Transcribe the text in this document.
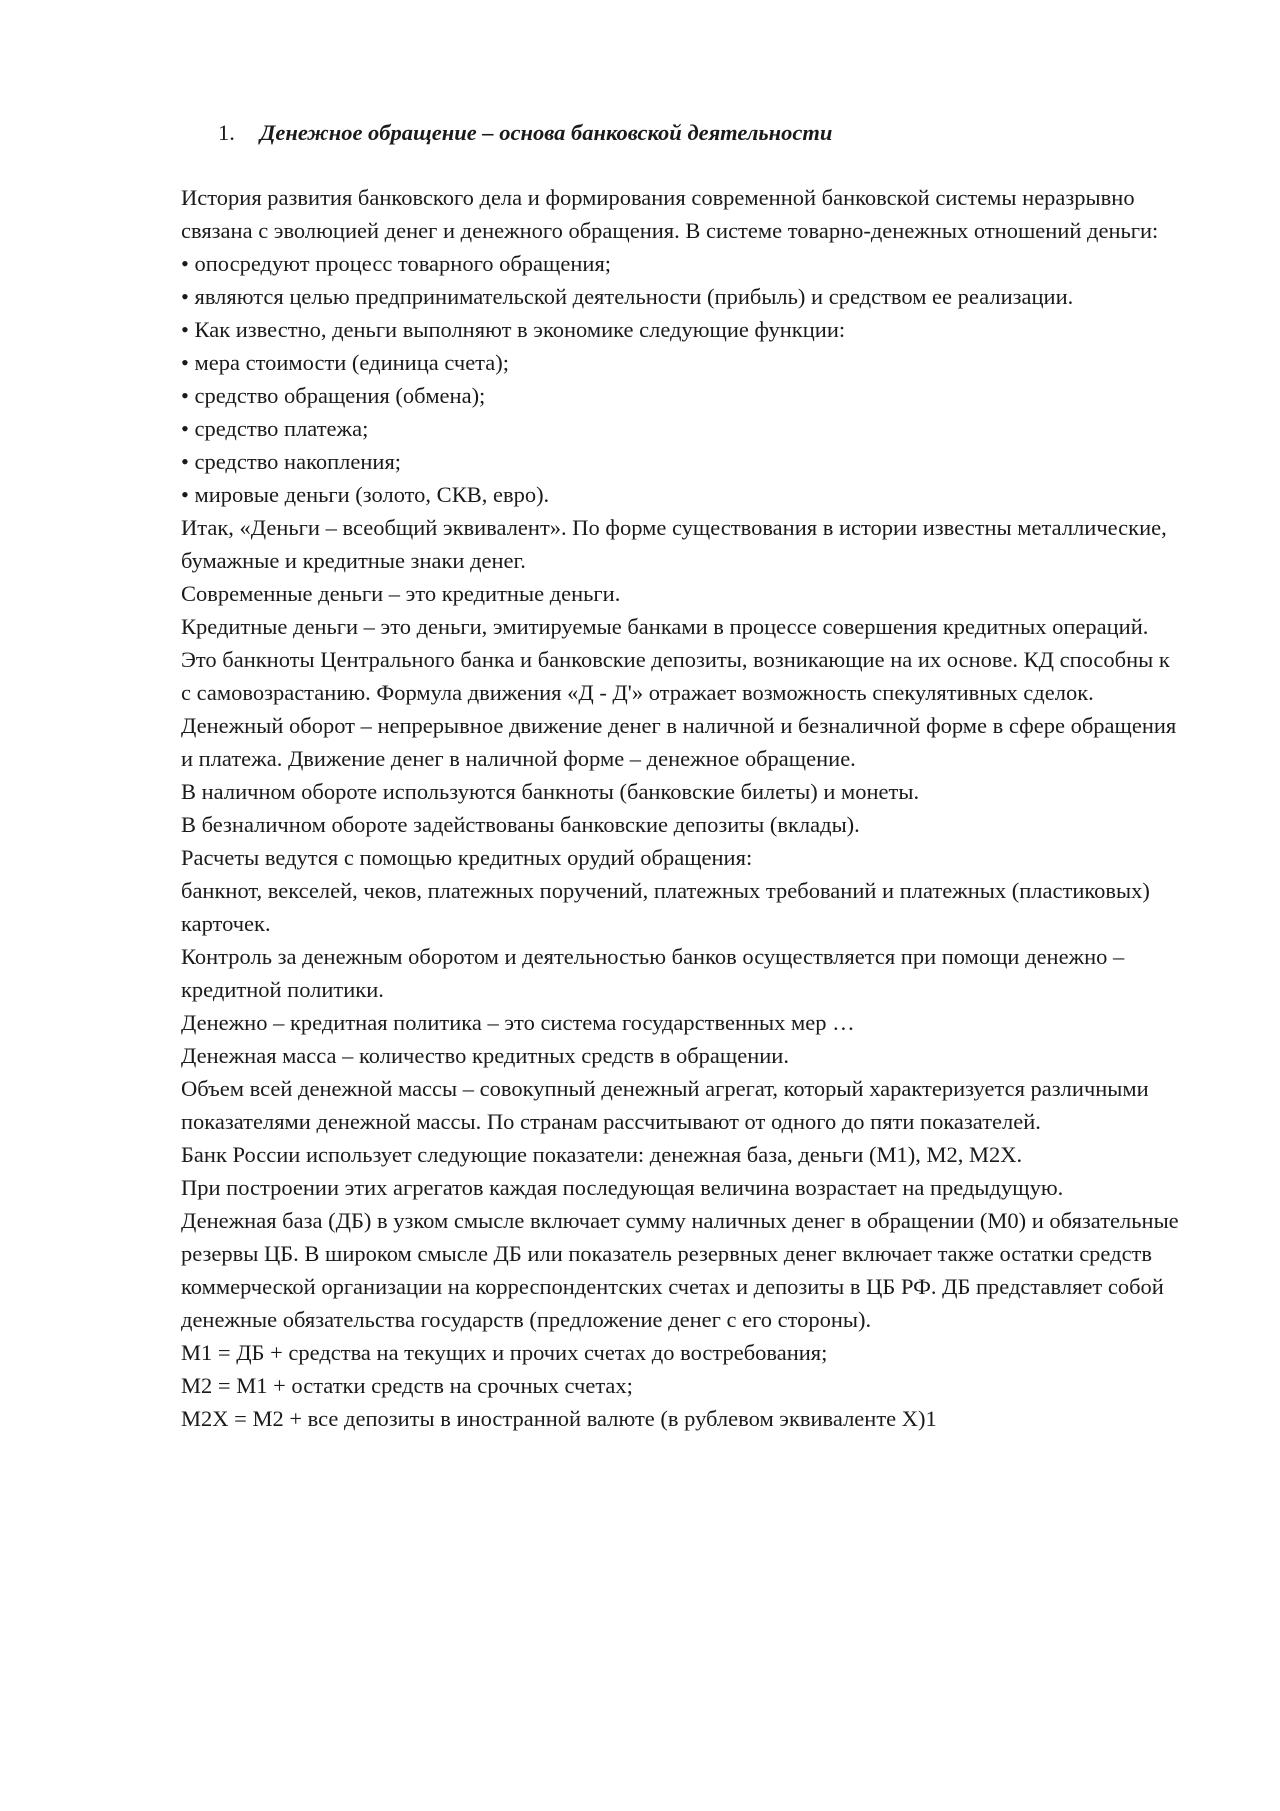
1. Денежное обращение – основа банковской деятельности

История развития банковского дела и формирования современной банковской системы неразрывно связана с эволюцией денег и денежного обращения. В системе товарно-денежных отношений деньги:

• опосредуют процесс товарного обращения;

• являются целью предпринимательской деятельности (прибыль) и средством ее реализации.

• Как известно, деньги выполняют в экономике следующие функции:

• мера стоимости (единица счета);

• средство обращения (обмена);

• средство платежа;

• средство накопления;

• мировые деньги (золото, СКВ, евро).

Итак, «Деньги – всеобщий эквивалент». По форме существования в истории известны металлические, бумажные и кредитные знаки денег.

Современные деньги – это кредитные деньги.

Кредитные деньги – это деньги, эмитируемые банками в процессе совершения кредитных операций. Это банкноты Центрального банка и банковские депозиты, возникающие на их основе. КД способны к с самовозрастанию. Формула движения «Д - Д'» отражает возможность спекулятивных сделок.

Денежный оборот – непрерывное движение денег в наличной и безналичной форме в сфере обращения и платежа. Движение денег в наличной форме – денежное обращение.

В наличном обороте используются банкноты (банковские билеты) и монеты.

В безналичном обороте задействованы банковские депозиты (вклады).

Расчеты ведутся с помощью кредитных орудий обращения:

банкнот, векселей, чеков, платежных поручений, платежных требований и платежных (пластиковых) карточек.

Контроль за денежным оборотом и деятельностью банков осуществляется при помощи денежно – кредитной политики.

Денежно – кредитная политика – это система государственных мер …

Денежная масса – количество кредитных средств в обращении.

Объем всей денежной массы – совокупный денежный агрегат, который характеризуется различными показателями денежной массы. По странам рассчитывают от одного до пяти показателей.

Банк России использует следующие показатели: денежная база, деньги (М1), М2, М2Х.

При построении этих агрегатов каждая последующая величина возрастает на предыдущую.

Денежная база (ДБ) в узком смысле включает сумму наличных денег в обращении (М0) и обязательные резервы ЦБ. В широком смысле ДБ или показатель резервных денег включает также остатки средств коммерческой организации на корреспондентских счетах и депозиты в ЦБ РФ. ДБ представляет собой денежные обязательства государств (предложение денег с его стороны).

М1 = ДБ + средства на текущих и прочих счетах до востребования;

М2 = М1 + остатки средств на срочных счетах;

М2Х = М2 + все депозиты в иностранной валюте (в рублевом эквиваленте Х)1
